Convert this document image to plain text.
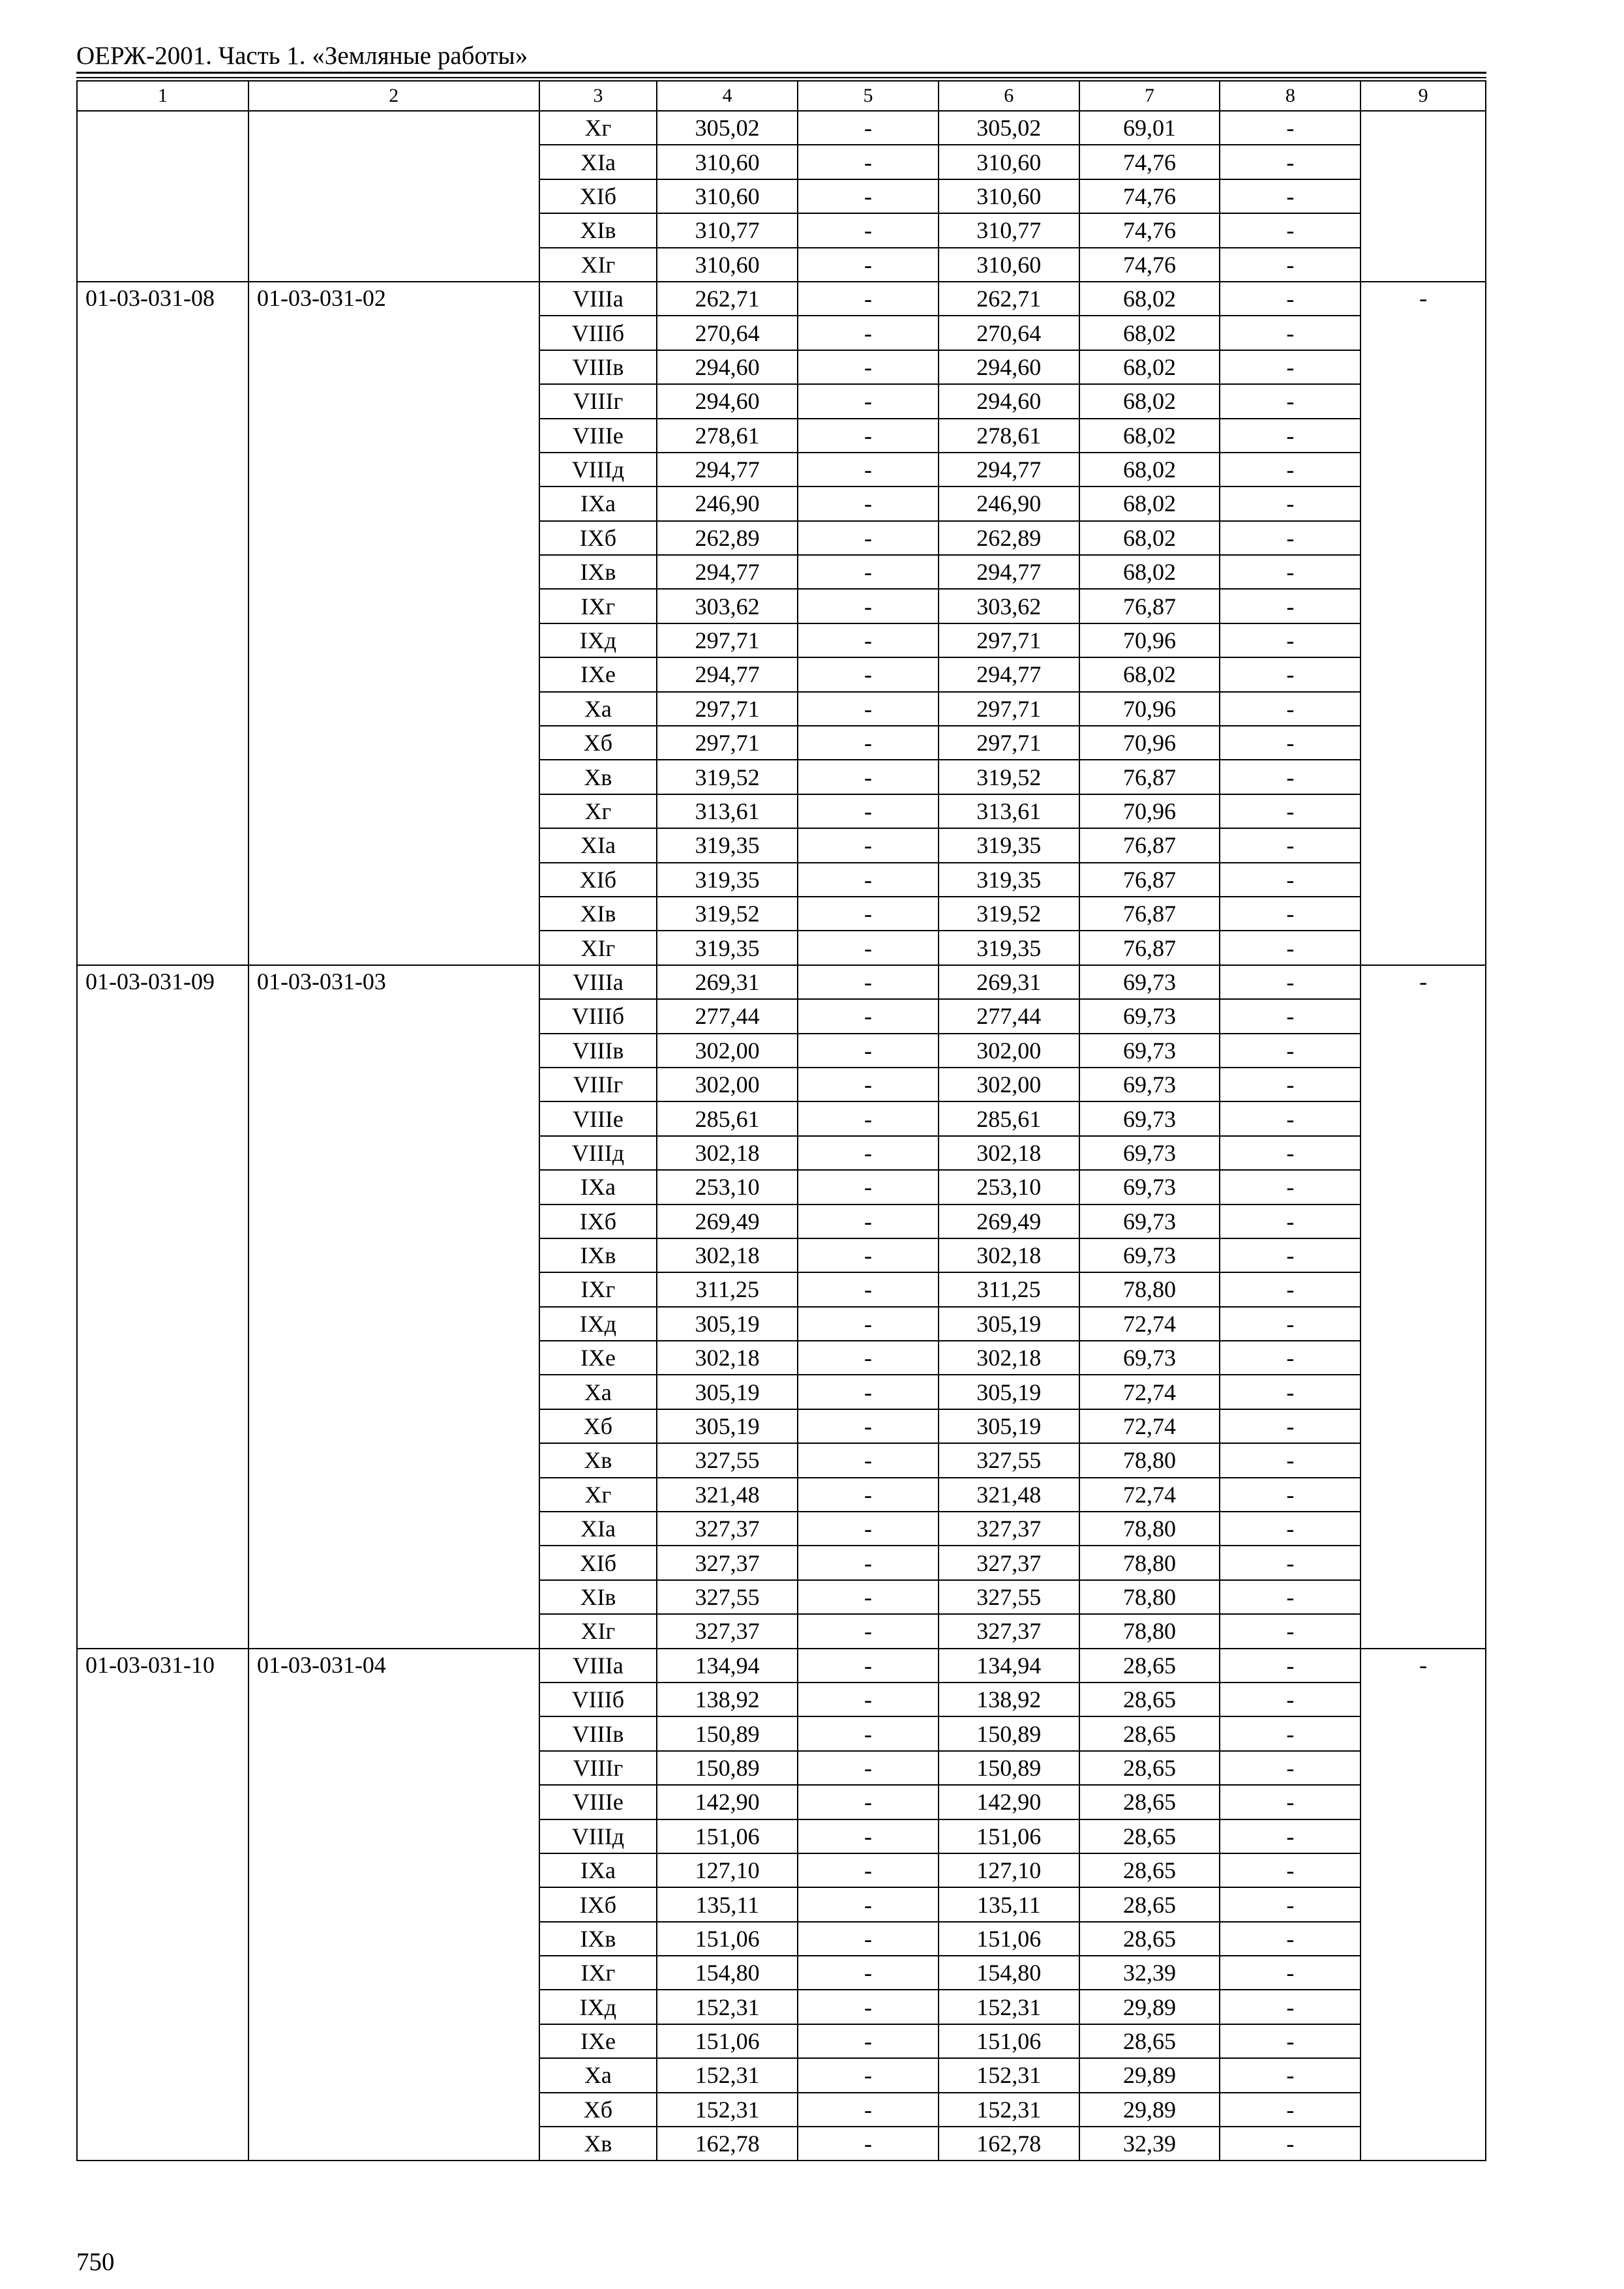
ОЕРЖ-2001. Часть 1. «Земляные работы»
1	2	3	4	5	6	7	8	9
		Xг	305,02	-	305,02	69,01	-	
		XIa	310,60	-	310,60	74,76	-	
		XIб	310,60	-	310,60	74,76	-	
		XIв	310,77	-	310,77	74,76	-	
		XIг	310,60	-	310,60	74,76	-	
01-03-031-08	01-03-031-02	VIIIa	262,71	-	262,71	68,02	-	-
		VIIIб	270,64	-	270,64	68,02	-	
		VIIIв	294,60	-	294,60	68,02	-	
		VIIIг	294,60	-	294,60	68,02	-	
		VIIIе	278,61	-	278,61	68,02	-	
		VIIIд	294,77	-	294,77	68,02	-	
		IXa	246,90	-	246,90	68,02	-	
		IXб	262,89	-	262,89	68,02	-	
		IXв	294,77	-	294,77	68,02	-	
		IXг	303,62	-	303,62	76,87	-	
		IXд	297,71	-	297,71	70,96	-	
		IXе	294,77	-	294,77	68,02	-	
		Xa	297,71	-	297,71	70,96	-	
		Xб	297,71	-	297,71	70,96	-	
		Xв	319,52	-	319,52	76,87	-	
		Xг	313,61	-	313,61	70,96	-	
		XIa	319,35	-	319,35	76,87	-	
		XIб	319,35	-	319,35	76,87	-	
		XIв	319,52	-	319,52	76,87	-	
		XIг	319,35	-	319,35	76,87	-	
01-03-031-09	01-03-031-03	VIIIa	269,31	-	269,31	69,73	-	-
		VIIIб	277,44	-	277,44	69,73	-	
		VIIIв	302,00	-	302,00	69,73	-	
		VIIIг	302,00	-	302,00	69,73	-	
		VIIIе	285,61	-	285,61	69,73	-	
		VIIIд	302,18	-	302,18	69,73	-	
		IXa	253,10	-	253,10	69,73	-	
		IXб	269,49	-	269,49	69,73	-	
		IXв	302,18	-	302,18	69,73	-	
		IXг	311,25	-	311,25	78,80	-	
		IXд	305,19	-	305,19	72,74	-	
		IXе	302,18	-	302,18	69,73	-	
		Xa	305,19	-	305,19	72,74	-	
		Xб	305,19	-	305,19	72,74	-	
		Xв	327,55	-	327,55	78,80	-	
		Xг	321,48	-	321,48	72,74	-	
		XIa	327,37	-	327,37	78,80	-	
		XIб	327,37	-	327,37	78,80	-	
		XIв	327,55	-	327,55	78,80	-	
		XIг	327,37	-	327,37	78,80	-	
01-03-031-10	01-03-031-04	VIIIa	134,94	-	134,94	28,65	-	-
		VIIIб	138,92	-	138,92	28,65	-	
		VIIIв	150,89	-	150,89	28,65	-	
		VIIIг	150,89	-	150,89	28,65	-	
		VIIIе	142,90	-	142,90	28,65	-	
		VIIIд	151,06	-	151,06	28,65	-	
		IXa	127,10	-	127,10	28,65	-	
		IXб	135,11	-	135,11	28,65	-	
		IXв	151,06	-	151,06	28,65	-	
		IXг	154,80	-	154,80	32,39	-	
		IXд	152,31	-	152,31	29,89	-	
		IXе	151,06	-	151,06	28,65	-	
		Xa	152,31	-	152,31	29,89	-	
		Xб	152,31	-	152,31	29,89	-	
		Xв	162,78	-	162,78	32,39	-	
750
